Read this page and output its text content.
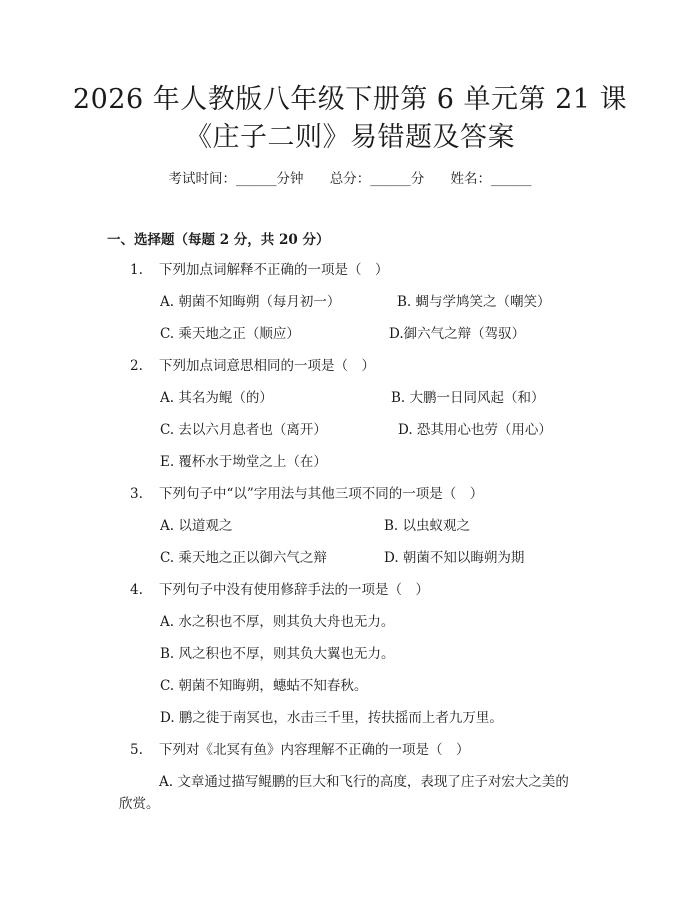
2026 年人教版八年级下册第 6 单元第 21 课
《庄子二则》易错题及答案
考试时间：______分钟 总分：______分 姓名：______
一、选择题（每题 2 分，共 20 分）
1. 下列加点词解释不正确的一项是（　）
A. 朝菌不知晦朔（每月初一）	B. 蜩与学鸠笑之（嘲笑）
C. 乘天地之正（顺应）	D.御六气之辩（驾驭）
2. 下列加点词意思相同的一项是（　）
A. 其名为鲲（的）	B. 大鹏一日同风起（和）
C. 去以六月息者也（离开）	D. 恐其用心也劳（用心）
E. 覆杯水于坳堂之上（在）
3. 下列句子中“以”字用法与其他三项不同的一项是（　）
A. 以道观之	B. 以虫蚁观之
C. 乘天地之正以御六气之辩	D. 朝菌不知以晦朔为期
4. 下列句子中没有使用修辞手法的一项是（　）
A. 水之积也不厚，则其负大舟也无力。
B. 风之积也不厚，则其负大翼也无力。
C. 朝菌不知晦朔，蟪蛄不知春秋。
D. 鹏之徙于南冥也，水击三千里，抟扶摇而上者九万里。
5. 下列对《北冥有鱼》内容理解不正确的一项是（　）
A. 文章通过描写鲲鹏的巨大和飞行的高度，表现了庄子对宏大之美的欣赏。
